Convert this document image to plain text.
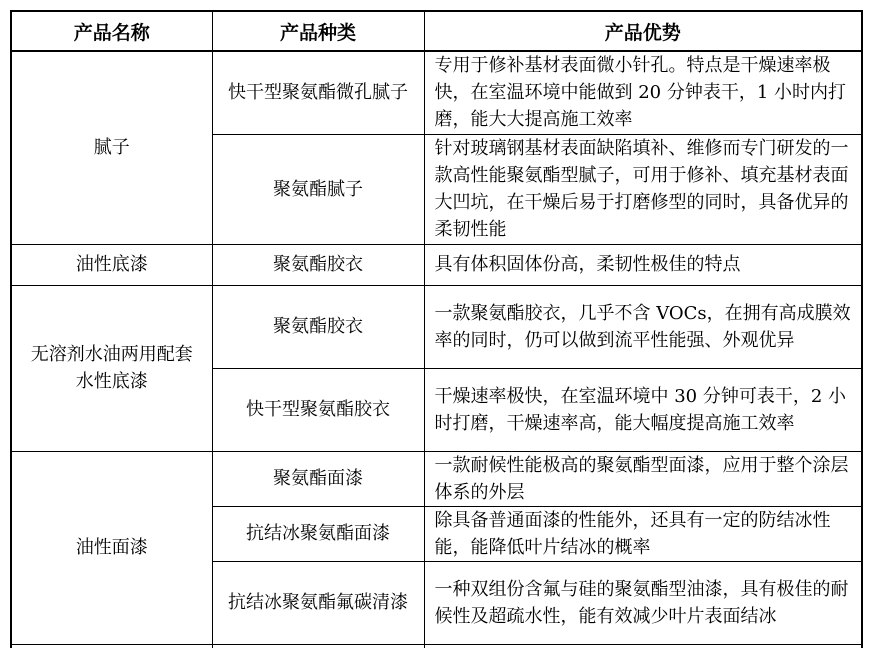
产品名称	产品种类	产品优势
腻子	快干型聚氨酯微孔腻子	专用于修补基材表面微小针孔。特点是干燥速率极快，在室温环境中能做到 20 分钟表干，1 小时内打磨，能大大提高施工效率
	聚氨酯腻子	针对玻璃钢基材表面缺陷填补、维修而专门研发的一款高性能聚氨酯型腻子，可用于修补、填充基材表面大凹坑，在干燥后易于打磨修型的同时，具备优异的柔韧性能
油性底漆	聚氨酯胶衣	具有体积固体份高，柔韧性极佳的特点
无溶剂水油两用配套水性底漆	聚氨酯胶衣	一款聚氨酯胶衣，几乎不含 VOCs，在拥有高成膜效率的同时，仍可以做到流平性能强、外观优异
	快干型聚氨酯胶衣	干燥速率极快，在室温环境中 30 分钟可表干，2 小时打磨，干燥速率高，能大幅度提高施工效率
油性面漆	聚氨酯面漆	一款耐候性能极高的聚氨酯型面漆，应用于整个涂层体系的外层
	抗结冰聚氨酯面漆	除具备普通面漆的性能外，还具有一定的防结冰性能，能降低叶片结冰的概率
	抗结冰聚氨酯氟碳清漆	一种双组份含氟与硅的聚氨酯型油漆，具有极佳的耐候性及超疏水性，能有效减少叶片表面结冰
